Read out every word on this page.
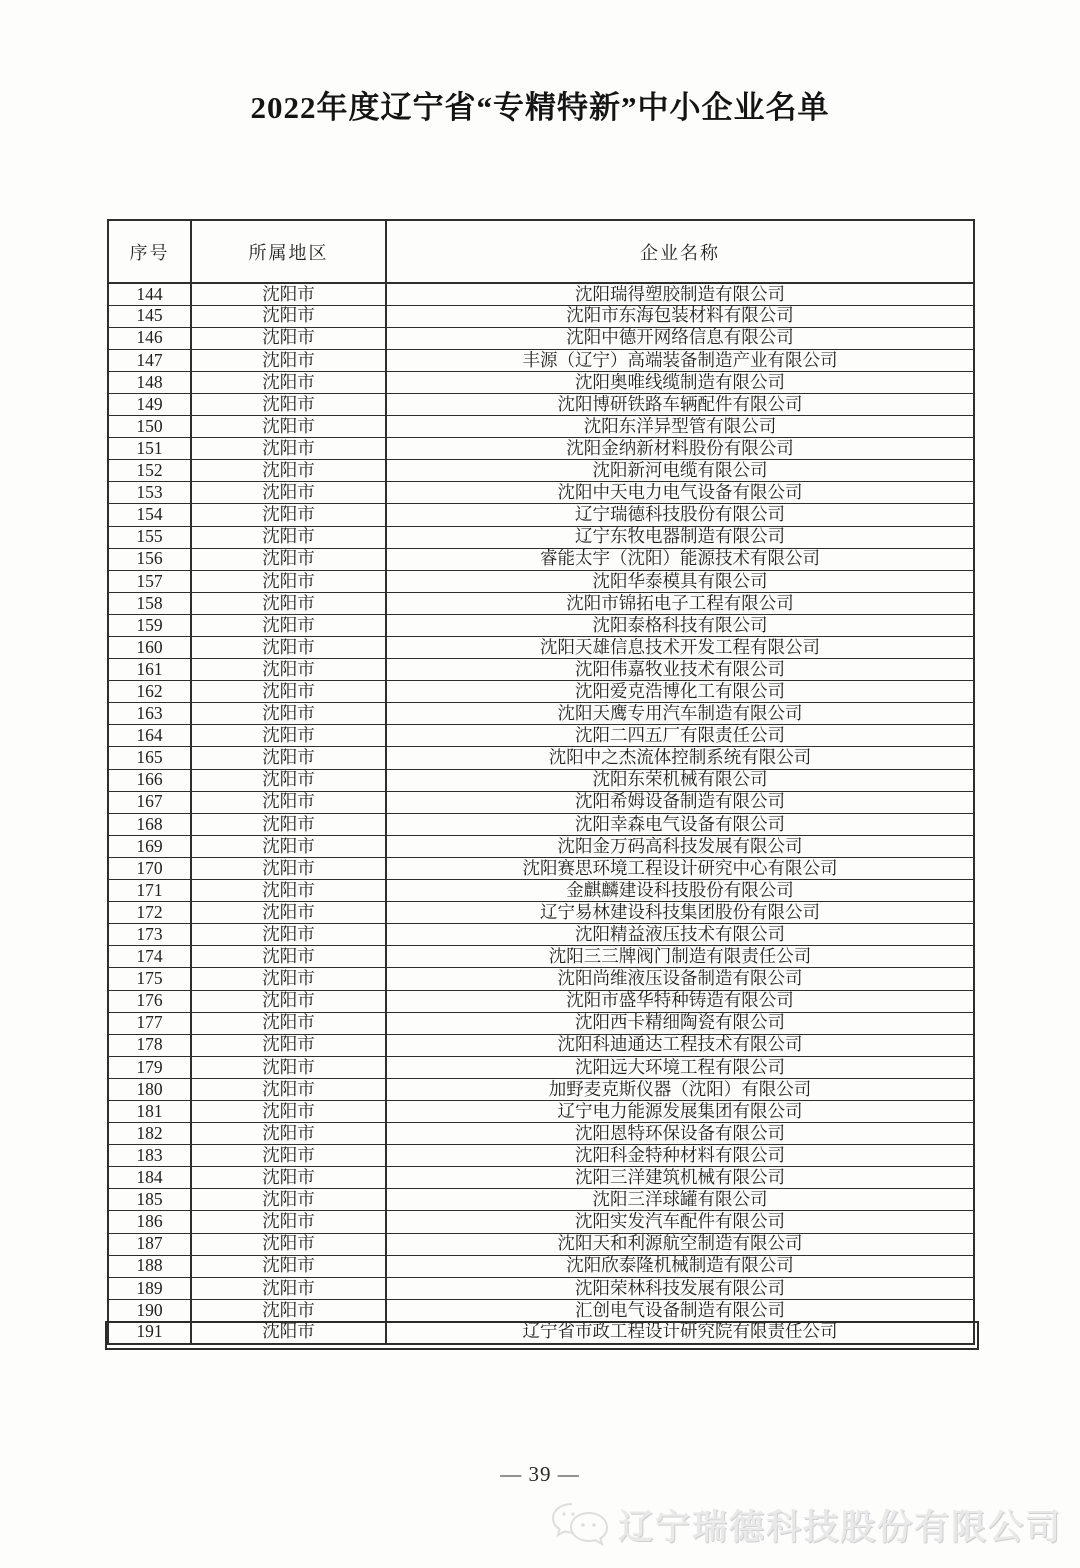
2022年度辽宁省“专精特新”中小企业名单
序号	所属地区	企业名称
144	沈阳市	沈阳瑞得塑胶制造有限公司
145	沈阳市	沈阳市东海包装材料有限公司
146	沈阳市	沈阳中德开网络信息有限公司
147	沈阳市	丰源（辽宁）高端装备制造产业有限公司
148	沈阳市	沈阳奥唯线缆制造有限公司
149	沈阳市	沈阳博研铁路车辆配件有限公司
150	沈阳市	沈阳东洋异型管有限公司
151	沈阳市	沈阳金纳新材料股份有限公司
152	沈阳市	沈阳新河电缆有限公司
153	沈阳市	沈阳中天电力电气设备有限公司
154	沈阳市	辽宁瑞德科技股份有限公司
155	沈阳市	辽宁东牧电器制造有限公司
156	沈阳市	睿能太宇（沈阳）能源技术有限公司
157	沈阳市	沈阳华泰模具有限公司
158	沈阳市	沈阳市锦拓电子工程有限公司
159	沈阳市	沈阳泰格科技有限公司
160	沈阳市	沈阳天雄信息技术开发工程有限公司
161	沈阳市	沈阳伟嘉牧业技术有限公司
162	沈阳市	沈阳爱克浩博化工有限公司
163	沈阳市	沈阳天鹰专用汽车制造有限公司
164	沈阳市	沈阳二四五厂有限责任公司
165	沈阳市	沈阳中之杰流体控制系统有限公司
166	沈阳市	沈阳东荣机械有限公司
167	沈阳市	沈阳希姆设备制造有限公司
168	沈阳市	沈阳幸森电气设备有限公司
169	沈阳市	沈阳金万码高科技发展有限公司
170	沈阳市	沈阳赛思环境工程设计研究中心有限公司
171	沈阳市	金麒麟建设科技股份有限公司
172	沈阳市	辽宁易林建设科技集团股份有限公司
173	沈阳市	沈阳精益液压技术有限公司
174	沈阳市	沈阳三三牌阀门制造有限责任公司
175	沈阳市	沈阳尚维液压设备制造有限公司
176	沈阳市	沈阳市盛华特种铸造有限公司
177	沈阳市	沈阳西卡精细陶瓷有限公司
178	沈阳市	沈阳科迪通达工程技术有限公司
179	沈阳市	沈阳远大环境工程有限公司
180	沈阳市	加野麦克斯仪器（沈阳）有限公司
181	沈阳市	辽宁电力能源发展集团有限公司
182	沈阳市	沈阳恩特环保设备有限公司
183	沈阳市	沈阳科金特种材料有限公司
184	沈阳市	沈阳三洋建筑机械有限公司
185	沈阳市	沈阳三洋球罐有限公司
186	沈阳市	沈阳实发汽车配件有限公司
187	沈阳市	沈阳天和利源航空制造有限公司
188	沈阳市	沈阳欣泰隆机械制造有限公司
189	沈阳市	沈阳荣林科技发展有限公司
190	沈阳市	汇创电气设备制造有限公司
191	沈阳市	辽宁省市政工程设计研究院有限责任公司
— 39 —
辽宁瑞德科技股份有限公司
